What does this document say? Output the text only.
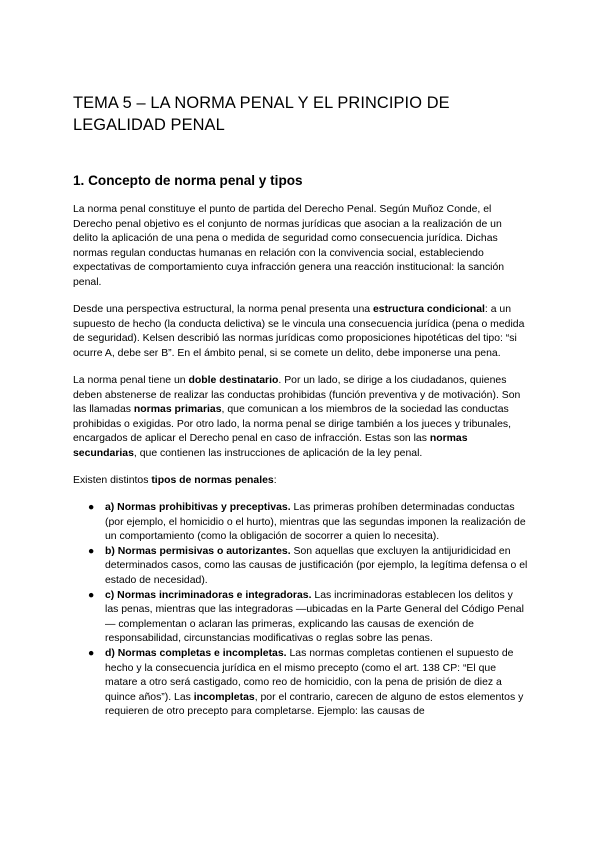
TEMA 5 – LA NORMA PENAL Y EL PRINCIPIO DE LEGALIDAD PENAL
1. Concepto de norma penal y tipos

La norma penal constituye el punto de partida del Derecho Penal. Según Muñoz Conde, el Derecho penal objetivo es el conjunto de normas jurídicas que asocian a la realización de un delito la aplicación de una pena o medida de seguridad como consecuencia jurídica. Dichas normas regulan conductas humanas en relación con la convivencia social, estableciendo expectativas de comportamiento cuya infracción genera una reacción institucional: la sanción penal.

Desde una perspectiva estructural, la norma penal presenta una estructura condicional: a un supuesto de hecho (la conducta delictiva) se le vincula una consecuencia jurídica (pena o medida de seguridad). Kelsen describió las normas jurídicas como proposiciones hipotéticas del tipo: “si ocurre A, debe ser B”. En el ámbito penal, si se comete un delito, debe imponerse una pena.

La norma penal tiene un doble destinatario. Por un lado, se dirige a los ciudadanos, quienes deben abstenerse de realizar las conductas prohibidas (función preventiva y de motivación). Son las llamadas normas primarias, que comunican a los miembros de la sociedad las conductas prohibidas o exigidas. Por otro lado, la norma penal se dirige también a los jueces y tribunales, encargados de aplicar el Derecho penal en caso de infracción. Estas son las normas secundarias, que contienen las instrucciones de aplicación de la ley penal.

Existen distintos tipos de normas penales:

● a) Normas prohibitivas y preceptivas. Las primeras prohíben determinadas conductas (por ejemplo, el homicidio o el hurto), mientras que las segundas imponen la realización de un comportamiento (como la obligación de socorrer a quien lo necesita).
● b) Normas permisivas o autorizantes. Son aquellas que excluyen la antijuridicidad en determinados casos, como las causas de justificación (por ejemplo, la legítima defensa o el estado de necesidad).
● c) Normas incriminadoras e integradoras. Las incriminadoras establecen los delitos y las penas, mientras que las integradoras —ubicadas en la Parte General del Código Penal— complementan o aclaran las primeras, explicando las causas de exención de responsabilidad, circunstancias modificativas o reglas sobre las penas.
● d) Normas completas e incompletas. Las normas completas contienen el supuesto de hecho y la consecuencia jurídica en el mismo precepto (como el art. 138 CP: “El que matare a otro será castigado, como reo de homicidio, con la pena de prisión de diez a quince años”). Las incompletas, por el contrario, carecen de alguno de estos elementos y requieren de otro precepto para completarse. Ejemplo: las causas de
